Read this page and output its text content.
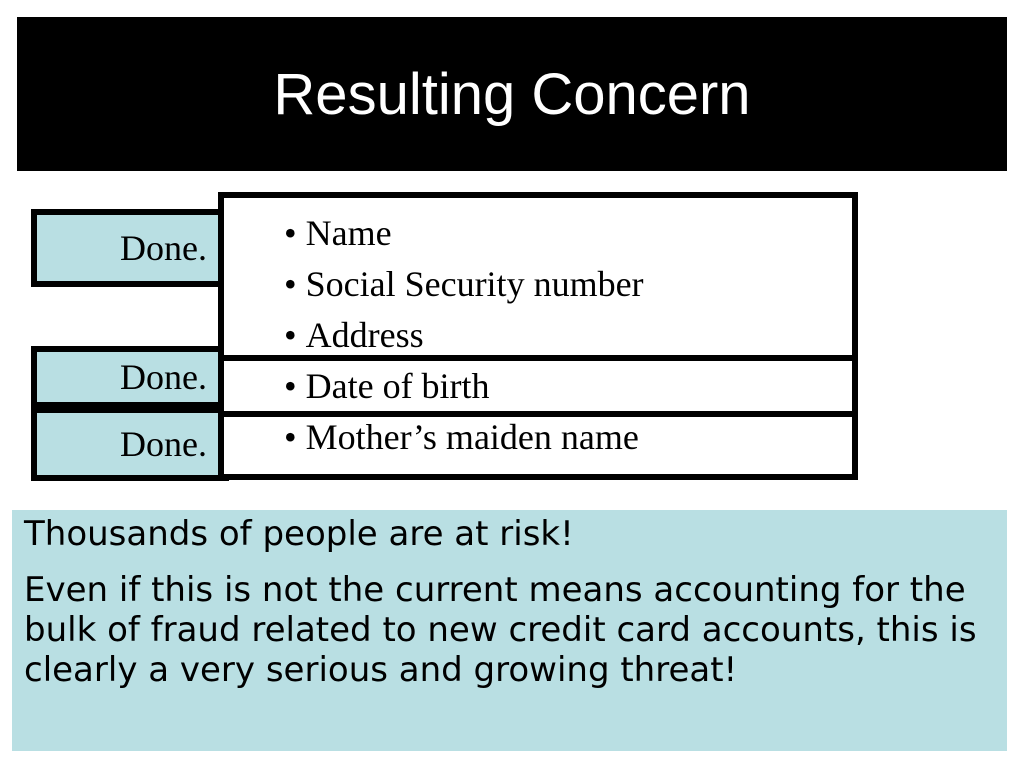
Resulting Concern
Done.
Done.
Done.
• Name
• Social Security number
• Address
• Date of birth
• Mother’s maiden name

Thousands of people are at risk!

Even if this is not the current means accounting for the bulk of fraud related to new credit card accounts, this is clearly a very serious and growing threat!
